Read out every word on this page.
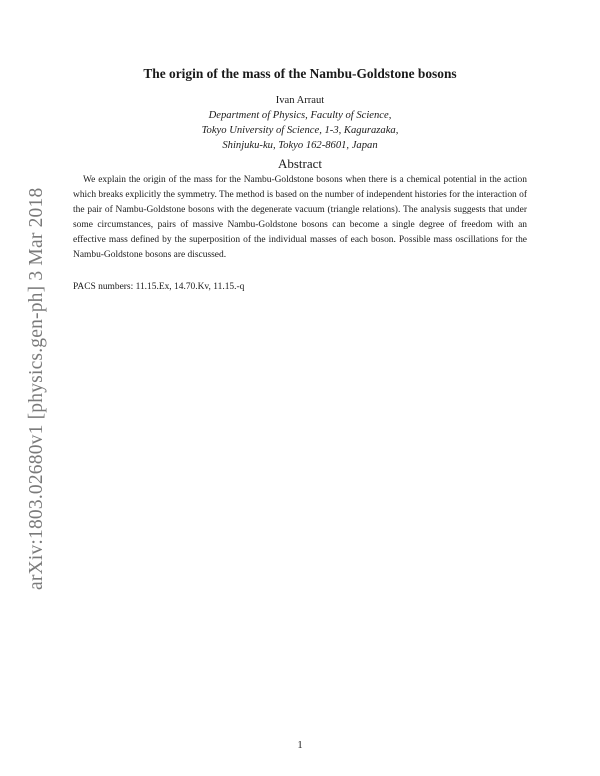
arXiv:1803.02680v1 [physics.gen-ph] 3 Mar 2018
The origin of the mass of the Nambu-Goldstone bosons
Ivan Arraut
Department of Physics, Faculty of Science,
Tokyo University of Science, 1-3, Kagurazaka,
Shinjuku-ku, Tokyo 162-8601, Japan
Abstract

We explain the origin of the mass for the Nambu-Goldstone bosons when there is a chemical potential in the action which breaks explicitly the symmetry. The method is based on the number of independent histories for the interaction of the pair of Nambu-Goldstone bosons with the degenerate vacuum (triangle relations). The analysis suggests that under some circumstances, pairs of massive Nambu-Goldstone bosons can become a single degree of freedom with an effective mass defined by the superposition of the individual masses of each boson. Possible mass oscillations for the Nambu-Goldstone bosons are discussed.

PACS numbers: 11.15.Ex, 14.70.Kv, 11.15.-q
1
